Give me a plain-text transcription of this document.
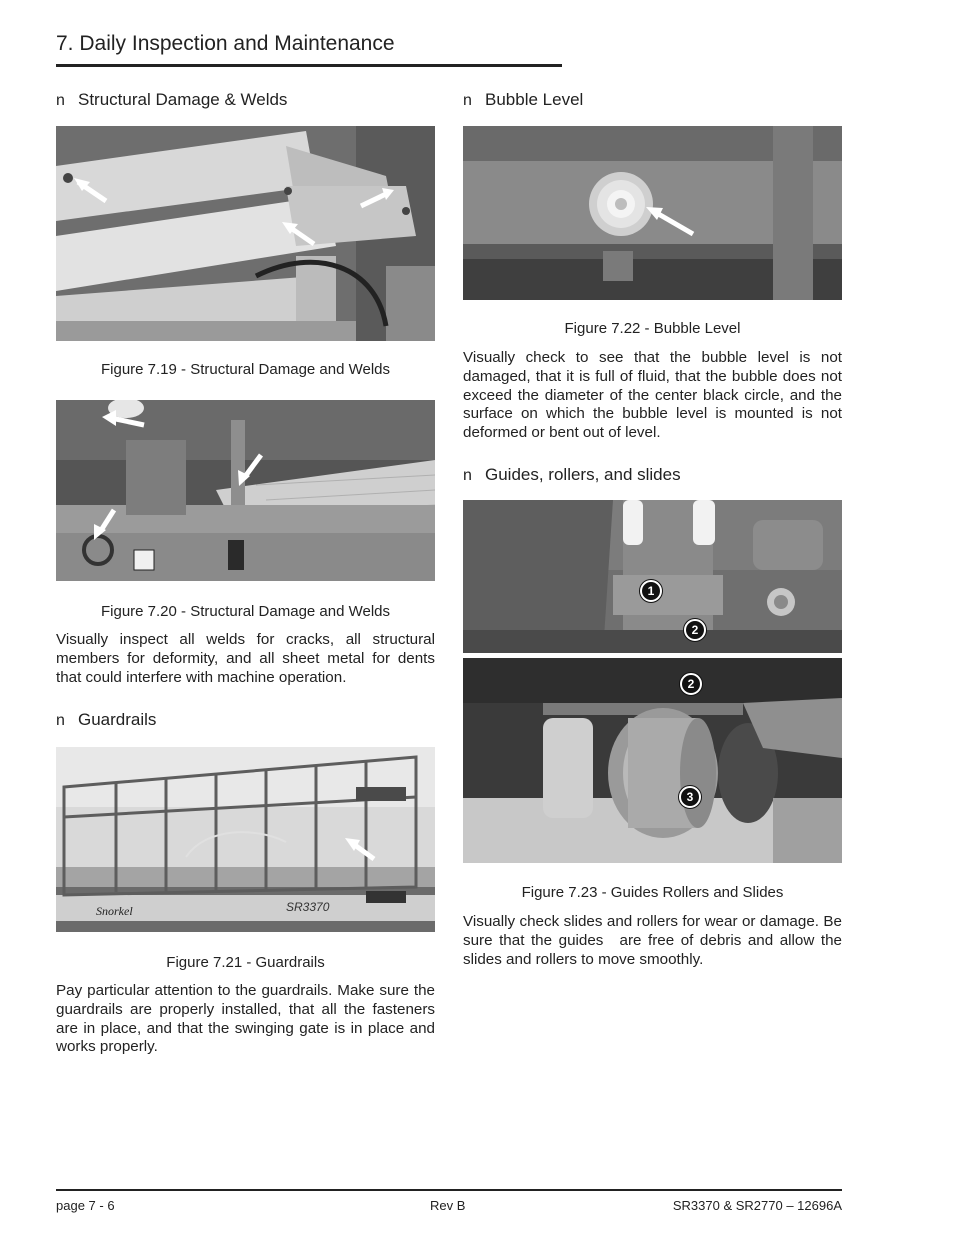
7. Daily Inspection and Maintenance
n Structural Damage & Welds
Figure 7.19 - Structural Damage and Welds
Figure 7.20 - Structural Damage and Welds
Visually inspect all welds for cracks, all structural members for deformity, and all sheet metal for dents that could interfere with machine operation.
n Guardrails
Snorkel	SR3370
Figure 7.21 - Guardrails
Pay particular attention to the guardrails. Make sure the guardrails are properly installed, that all the fasteners are in place, and that the swinging gate is in place and works properly.
n Bubble Level
Figure 7.22 - Bubble Level
Visually check to see that the bubble level is not damaged, that it is full of fluid, that the bubble does not exceed the diameter of the center black circle, and the surface on which the bubble level is mounted is not deformed or bent out of level.
n Guides, rollers, and slides
1
2
2
3
Figure 7.23 - Guides Rollers and Slides
Visually check slides and rollers for wear or damage. Be sure that the guides   are free of debris and allow the slides and rollers to move smoothly.
page 7 - 6	Rev B	SR3370 & SR2770 – 12696A
